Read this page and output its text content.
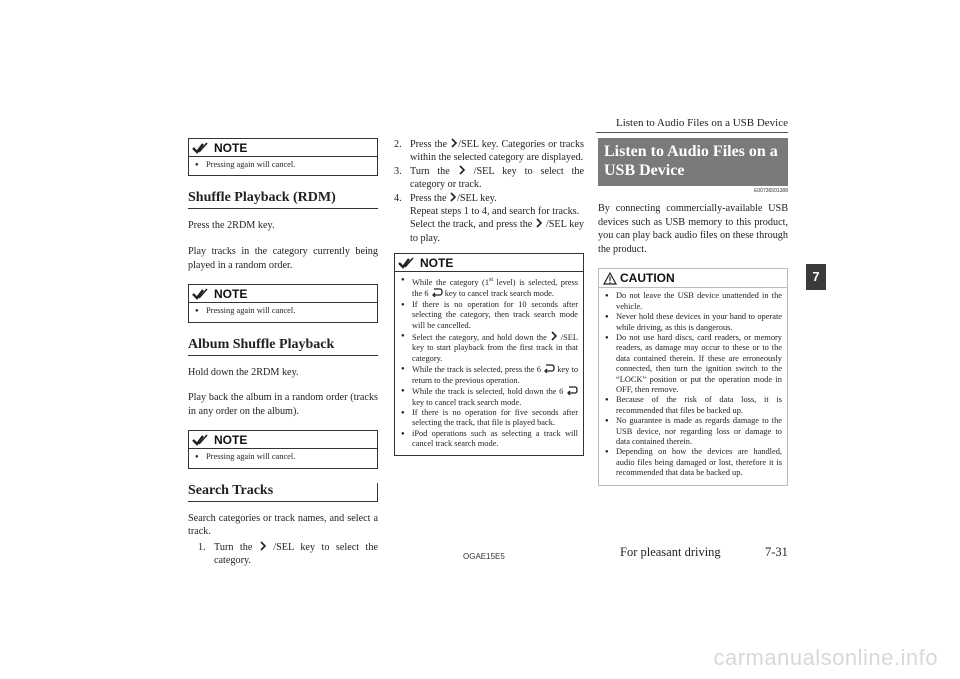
Listen to Audio Files on a USB Device
7
NOTE

● Pressing again will cancel.

Shuffle Playback (RDM)

Press the 2RDM key.

Play tracks in the category currently being played in a random order.

NOTE

● Pressing again will cancel.

Album Shuffle Playback

Hold down the 2RDM key.

Play back the album in a random order (tracks in any order on the album).

NOTE

● Pressing again will cancel.

Search Tracks

Search categories or track names, and select a track.

1. Turn the /SEL key to select the category.
2. Press the /SEL key. Categories or tracks within the selected category are displayed.
3. Turn the /SEL key to select the category or track.
4. Press the /SEL key.
Repeat steps 1 to 4, and search for tracks.
Select the track, and press the /SEL key to play.
NOTE

● While the category (1st level) is selected, press the 6 key to cancel track search mode.

● If there is no operation for 10 seconds after selecting the category, then track search mode will be cancelled.

● Select the category, and hold down the /SEL key to start playback from the first track in that category.

● While the track is selected, press the 6 key to return to the previous operation.

● While the track is selected, hold down the 6  key to cancel track search mode.

● If there is no operation for five seconds after selecting the track, that file is played back.

● iPod operations such as selecting a track will cancel track search mode.

Listen to Audio Files on a
USB Device
E00736501388

By connecting commercially-available USB devices such as USB memory to this product, you can play back audio files on these through the product.

CAUTION

● Do not leave the USB device unattended in the vehicle.

● Never hold these devices in your hand to operate while driving, as this is dangerous.

● Do not use hard discs, card readers, or memory readers, as damage may occur to these or to the data contained therein. If these are erroneously connected, then turn the ignition switch to the “LOCK” position or put the operation mode in OFF, then remove.

● Because of the risk of data loss, it is recommended that files be backed up.

● No guarantee is made as regards damage to the USB device, nor regarding loss or damage to data contained therein.

● Depending on how the devices are handled, audio files being damaged or lost, therefore it is recommended that data be backed up.

OGAE15E5	For pleasant driving	7-31
carmanualsonline.info
